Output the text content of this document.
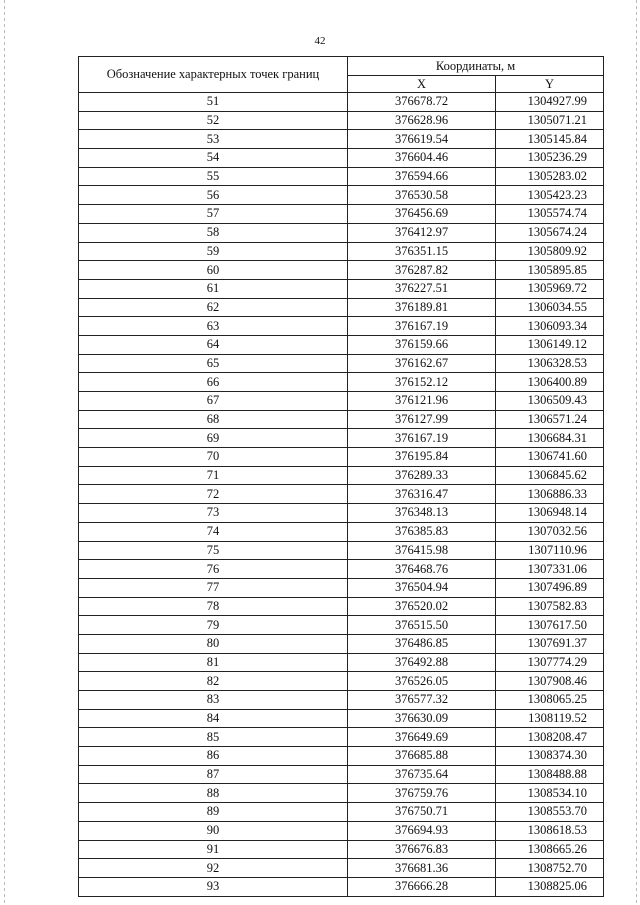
42
Обозначение характерных точек границ	Координаты, м	
	X	Y
51	376678.72	1304927.99
52	376628.96	1305071.21
53	376619.54	1305145.84
54	376604.46	1305236.29
55	376594.66	1305283.02
56	376530.58	1305423.23
57	376456.69	1305574.74
58	376412.97	1305674.24
59	376351.15	1305809.92
60	376287.82	1305895.85
61	376227.51	1305969.72
62	376189.81	1306034.55
63	376167.19	1306093.34
64	376159.66	1306149.12
65	376162.67	1306328.53
66	376152.12	1306400.89
67	376121.96	1306509.43
68	376127.99	1306571.24
69	376167.19	1306684.31
70	376195.84	1306741.60
71	376289.33	1306845.62
72	376316.47	1306886.33
73	376348.13	1306948.14
74	376385.83	1307032.56
75	376415.98	1307110.96
76	376468.76	1307331.06
77	376504.94	1307496.89
78	376520.02	1307582.83
79	376515.50	1307617.50
80	376486.85	1307691.37
81	376492.88	1307774.29
82	376526.05	1307908.46
83	376577.32	1308065.25
84	376630.09	1308119.52
85	376649.69	1308208.47
86	376685.88	1308374.30
87	376735.64	1308488.88
88	376759.76	1308534.10
89	376750.71	1308553.70
90	376694.93	1308618.53
91	376676.83	1308665.26
92	376681.36	1308752.70
93	376666.28	1308825.06
